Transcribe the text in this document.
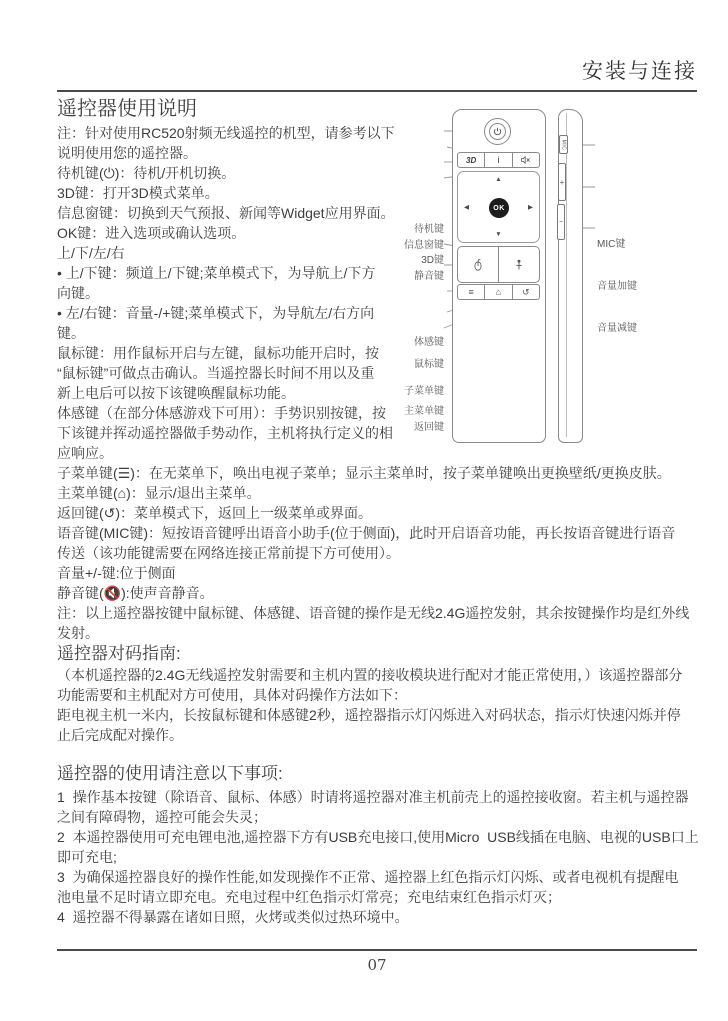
安装与连接
遥控器使用说明
注：针对使用RC520射频无线遥控的机型，请参考以下
说明使用您的遥控器。
待机键(⏻)：待机/开机切换。
3D键：打开3D模式菜单。
信息窗键：切换到天气预报、新闻等Widget应用界面。
OK键：进入选项或确认选项。
上/下/左/右
• 上/下键：频道上/下键;菜单模式下，为导航上/下方
向键。
• 左/右键：音量-/+键;菜单模式下，为导航左/右方向
键。
鼠标键：用作鼠标开启与左键，鼠标功能开启时，按
“鼠标键”可做点击确认。当遥控器长时间不用以及重
新上电后可以按下该键唤醒鼠标功能。
体感键（在部分体感游戏下可用）：手势识别按键，按
下该键并挥动遥控器做手势动作，主机将执行定义的相
应响应。
子菜单键(☰)：在无菜单下，唤出电视子菜单；显示主菜单时，按子菜单键唤出更换壁纸/更换皮肤。
主菜单键(⌂)：显示/退出主菜单。
返回键(↺)：菜单模式下，返回上一级菜单或界面。
语音键(MIC键)：短按语音键呼出语音小助手(位于侧面)，此时开启语音功能，再长按语音键进行语音
传送（该功能键需要在网络连接正常前提下方可使用）。
音量+/-键:位于侧面
静音键(🔇):使声音静音。
注：以上遥控器按键中鼠标键、体感键、语音键的操作是无线2.4G遥控发射，其余按键操作均是红外线
发射。
遥控器对码指南:
（本机遥控器的2.4G无线遥控发射需要和主机内置的接收模块进行配对才能正常使用，）该遥控器部分
功能需要和主机配对方可使用，具体对码操作方法如下：
距电视主机一米内，长按鼠标键和体感键2秒，遥控器指示灯闪烁进入对码状态，指示灯快速闪烁并停
止后完成配对操作。
遥控器的使用请注意以下事项:
1  操作基本按键（除语音、鼠标、体感）时请将遥控器对准主机前壳上的遥控接收窗。若主机与遥控器
之间有障碍物，遥控可能会失灵；
2  本遥控器使用可充电锂电池,遥控器下方有USB充电接口,使用Micro  USB线插在电脑、电视的USB口上
即可充电;
3  为确保遥控器良好的操作性能,如发现操作不正常、遥控器上红色指示灯闪烁、或者电视机有提醒电
池电量不足时请立即充电。充电过程中红色指示灯常亮；充电结束红色指示灯灭；
4  遥控器不得暴露在诸如日照，火烤或类似过热环境中。
3D i
▲
▼
◀	▶
OK
≡ ⌂ ↺
MIC
+
−
待机键
信息窗键
3D键
静音键
体感键
鼠标键
子菜单键
主菜单键
返回键
MIC键
音量加键
音量减键
07
